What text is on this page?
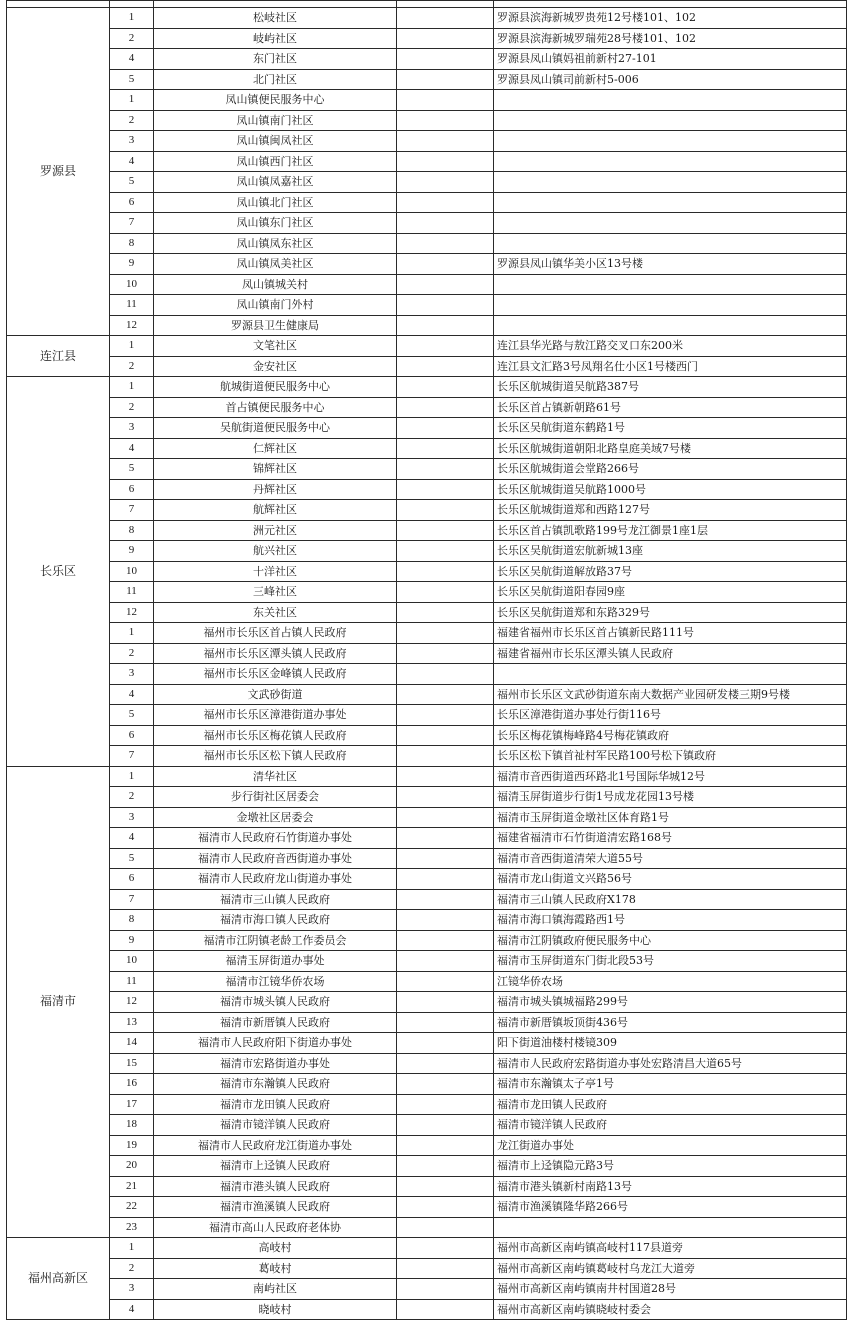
罗源县	1	松岐社区		罗源县滨海新城罗贵苑12号楼101、102
	2	岐屿社区		罗源县滨海新城罗瑞苑28号楼101、102
	4	东门社区		罗源县凤山镇妈祖前新村27-101
	5	北门社区		罗源县凤山镇司前新村5-006
	1	凤山镇便民服务中心		
	2	凤山镇南门社区		
	3	凤山镇闽凤社区		
	4	凤山镇西门社区		
	5	凤山镇凤嘉社区		
	6	凤山镇北门社区		
	7	凤山镇东门社区		
	8	凤山镇凤东社区		
	9	凤山镇凤美社区		罗源县凤山镇华美小区13号楼
	10	凤山镇城关村		
	11	凤山镇南门外村		
	12	罗源县卫生健康局		
连江县	1	文笔社区		连江县华光路与敖江路交叉口东200米
	2	金安社区		连江县文汇路3号凤翔名仕小区1号楼西门
长乐区	1	航城街道便民服务中心		长乐区航城街道吴航路387号
	2	首占镇便民服务中心		长乐区首占镇新朝路61号
	3	吴航街道便民服务中心		长乐区吴航街道东鹤路1号
	4	仁辉社区		长乐区航城街道朝阳北路皇庭美域7号楼
	5	锦辉社区		长乐区航城街道会堂路266号
	6	丹辉社区		长乐区航城街道吴航路1000号
	7	航辉社区		长乐区航城街道郑和西路127号
	8	洲元社区		长乐区首占镇凯歌路199号龙江御景1座1层
	9	航兴社区		长乐区吴航街道宏航新城13座
	10	十洋社区		长乐区吴航街道解放路37号
	11	三峰社区		长乐区吴航街道阳春园9座
	12	东关社区		长乐区吴航街道郑和东路329号
	1	福州市长乐区首占镇人民政府		福建省福州市长乐区首占镇新民路111号
	2	福州市长乐区潭头镇人民政府		福建省福州市长乐区潭头镇人民政府
	3	福州市长乐区金峰镇人民政府		
	4	文武砂街道		福州市长乐区文武砂街道东南大数据产业园研发楼三期9号楼
	5	福州市长乐区漳港街道办事处		长乐区漳港街道办事处行街116号
	6	福州市长乐区梅花镇人民政府		长乐区梅花镇梅峰路4号梅花镇政府
	7	福州市长乐区松下镇人民政府		长乐区松下镇首祉村军民路100号松下镇政府
福清市	1	清华社区		福清市音西街道西环路北1号国际华城12号
	2	步行街社区居委会		福清玉屏街道步行街1号成龙花园13号楼
	3	金墩社区居委会		福清市玉屏街道金墩社区体育路1号
	4	福清市人民政府石竹街道办事处		福建省福清市石竹街道清宏路168号
	5	福清市人民政府音西街道办事处		福清市音西街道清荣大道55号
	6	福清市人民政府龙山街道办事处		福清市龙山街道文兴路56号
	7	福清市三山镇人民政府		福清市三山镇人民政府X178
	8	福清市海口镇人民政府		福清市海口镇海霞路西1号
	9	福清市江阴镇老龄工作委员会		福清市江阴镇政府便民服务中心
	10	福清玉屏街道办事处		福清市玉屏街道东门街北段53号
	11	福清市江镜华侨农场		江镜华侨农场
	12	福清市城头镇人民政府		福清市城头镇城福路299号
	13	福清市新厝镇人民政府		福清市新厝镇坂顶街436号
	14	福清市人民政府阳下街道办事处		阳下街道油楼村楼镜309
	15	福清市宏路街道办事处		福清市人民政府宏路街道办事处宏路清昌大道65号
	16	福清市东瀚镇人民政府		福清市东瀚镇太子亭1号
	17	福清市龙田镇人民政府		福清市龙田镇人民政府
	18	福清市镜洋镇人民政府		福清市镜洋镇人民政府
	19	福清市人民政府龙江街道办事处		龙江街道办事处
	20	福清市上迳镇人民政府		福清市上迳镇隐元路3号
	21	福清市港头镇人民政府		福清市港头镇新村南路13号
	22	福清市渔溪镇人民政府		福清市渔溪镇隆华路266号
	23	福清市高山人民政府老体协		
福州高新区	1	高岐村		福州市高新区南屿镇高岐村117县道旁
	2	葛岐村		福州市高新区南屿镇葛岐村乌龙江大道旁
	3	南屿社区		福州市高新区南屿镇南井村国道28号
	4	晓岐村		福州市高新区南屿镇晓岐村委会
